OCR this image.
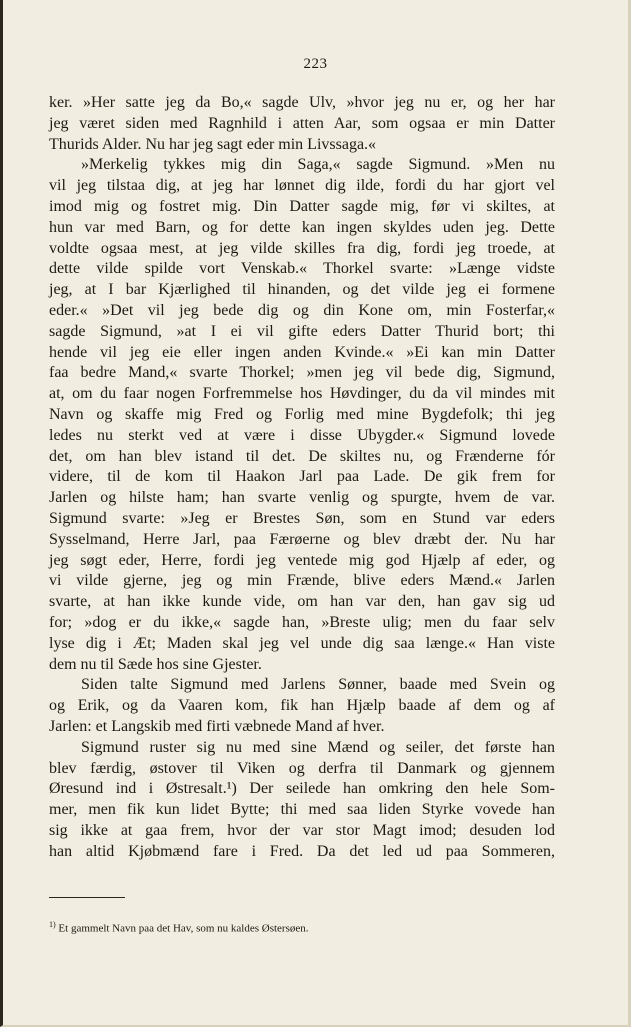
223
ker. »Her satte jeg da Bo,« sagde Ulv, »hvor jeg nu er, og her har
jeg været siden med Ragnhild i atten Aar, som ogsaa er min Datter
Thurids Alder. Nu har jeg sagt eder min Livssaga.«
»Merkelig tykkes mig din Saga,« sagde Sigmund. »Men nu
vil jeg tilstaa dig, at jeg har lønnet dig ilde, fordi du har gjort vel
imod mig og fostret mig. Din Datter sagde mig, før vi skiltes, at
hun var med Barn, og for dette kan ingen skyldes uden jeg. Dette
voldte ogsaa mest, at jeg vilde skilles fra dig, fordi jeg troede, at
dette vilde spilde vort Venskab.« Thorkel svarte: »Længe vidste
jeg, at I bar Kjærlighed til hinanden, og det vilde jeg ei formene
eder.« »Det vil jeg bede dig og din Kone om, min Fosterfar,«
sagde Sigmund, »at I ei vil gifte eders Datter Thurid bort; thi
hende vil jeg eie eller ingen anden Kvinde.« »Ei kan min Datter
faa bedre Mand,« svarte Thorkel; »men jeg vil bede dig, Sigmund,
at, om du faar nogen Forfremmelse hos Høvdinger, du da vil mindes mit
Navn og skaffe mig Fred og Forlig med mine Bygdefolk; thi jeg
ledes nu sterkt ved at være i disse Ubygder.« Sigmund lovede
det, om han blev istand til det. De skiltes nu, og Frænderne fór
videre, til de kom til Haakon Jarl paa Lade. De gik frem for
Jarlen og hilste ham; han svarte venlig og spurgte, hvem de var.
Sigmund svarte: »Jeg er Brestes Søn, som en Stund var eders
Sysselmand, Herre Jarl, paa Færøerne og blev dræbt der. Nu har
jeg søgt eder, Herre, fordi jeg ventede mig god Hjælp af eder, og
vi vilde gjerne, jeg og min Frænde, blive eders Mænd.« Jarlen
svarte, at han ikke kunde vide, om han var den, han gav sig ud
for; »dog er du ikke,« sagde han, »Breste ulig; men du faar selv
lyse dig i Æt; Maden skal jeg vel unde dig saa længe.« Han viste
dem nu til Sæde hos sine Gjester.
Siden talte Sigmund med Jarlens Sønner, baade med Svein og
og Erik, og da Vaaren kom, fik han Hjælp baade af dem og af
Jarlen: et Langskib med firti væbnede Mand af hver.
Sigmund ruster sig nu med sine Mænd og seiler, det første han
blev færdig, østover til Viken og derfra til Danmark og gjennem
Øresund ind i Østresalt.¹) Der seilede han omkring den hele Som-
mer, men fik kun lidet Bytte; thi med saa liden Styrke vovede han
sig ikke at gaa frem, hvor der var stor Magt imod; desuden lod
han altid Kjøbmænd fare i Fred. Da det led ud paa Sommeren,
$^{1)}$ Et gammelt Navn paa det Hav, som nu kaldes Østersøen.
